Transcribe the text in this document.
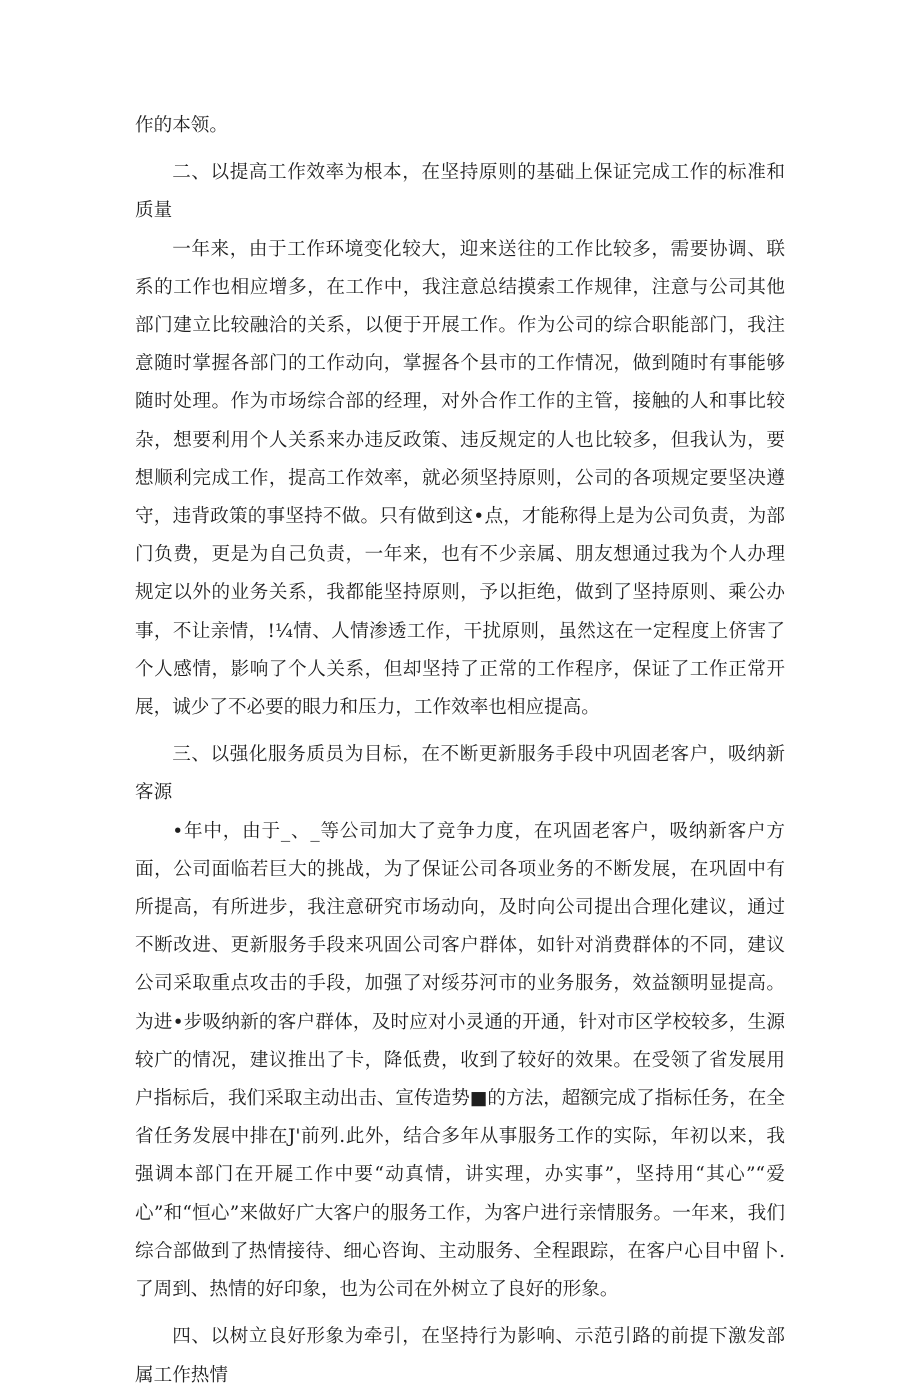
作的本领。

二、以提高工作效率为根本，在坚持原则的基础上保证完成工作的标准和质量

一年来，由于工作环境变化较大，迎来送往的工作比较多，需要协调、联系的工作也相应增多，在工作中，我注意总结摸索工作规律，注意与公司其他部门建立比较融洽的关系，以便于开展工作。作为公司的综合职能部门，我注意随时掌握各部门的工作动向，掌握各个县市的工作情况，做到随时有事能够随时处理。作为市场综合部的经理，对外合作工作的主管，接触的人和事比较杂，想要利用个人关系来办违反政策、违反规定的人也比较多，但我认为，要想顺利完成工作，提高工作效率，就必须坚持原则，公司的各项规定要坚决遵守，违背政策的事坚持不做。只有做到这•点，才能称得上是为公司负责，为部门负费，更是为自己负责，一年来，也有不少亲属、朋友想通过我为个人办理规定以外的业务关系，我都能坚持原则，予以拒绝，做到了坚持原则、乘公办事，不让亲情，!¼情、人情渗透工作，干扰原则，虽然这在一定程度上侪害了个人感情，影响了个人关系，但却坚持了正常的工作程序，保证了工作正常开展，诚少了不必要的眼力和压力，工作效率也相应提高。

三、以强化服务质员为目标，在不断更新服务手段中巩固老客户，吸纳新客源

•年中，由于_、_等公司加大了竞争力度，在巩固老客户，吸纳新客户方面，公司面临若巨大的挑战，为了保证公司各项业务的不断发展，在巩固中有所提高，有所进步，我注意研究市场动向，及时向公司提出合理化建议，通过不断改进、更新服务手段来巩固公司客户群体，如针对消费群体的不同，建议公司采取重点攻击的手段，加强了对绥芬河市的业务服务，效益额明显提高。为进•步吸纳新的客户群体，及时应对小灵通的开通，针对市区学校较多，生源较广的情况，建议推出了卡，降低费，收到了较好的效果。在受领了省发展用户指标后，我们采取主动出击、宣传造势■的方法，超额完成了指标任务，在全省任务发展中排在J'前列.此外，结合多年从事服务工作的实际，年初以来，我强调本部门在开屣工作中要“动真情，讲实理，办实事”，坚持用“其心”“爱心”和“恒心”来做好广大客户的服务工作，为客户进行亲情服务。一年来，我们综合部做到了热情接待、细心咨询、主动服务、全程跟踪，在客户心目中留卜.了周到、热情的好印象，也为公司在外树立了良好的形象。

四、以树立良好形象为牵引，在坚持行为影响、示范引路的前提下激发部属工作热情
